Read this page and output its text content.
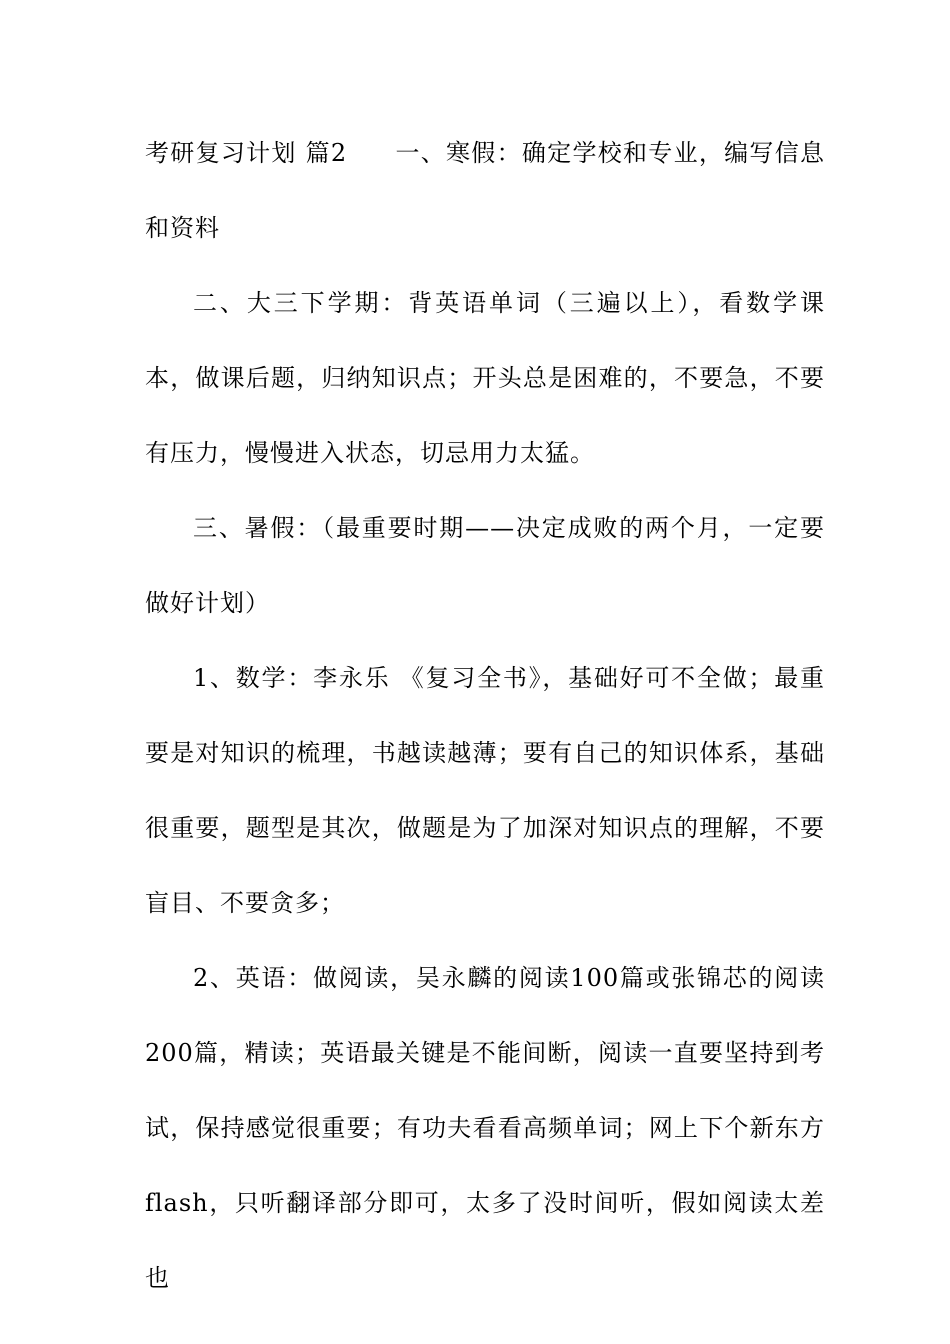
考研复习计划 篇2 一、寒假：确定学校和专业，编写信息和资料

二、大三下学期：背英语单词（三遍以上），看数学课本，做课后题，归纳知识点；开头总是困难的，不要急，不要有压力，慢慢进入状态，切忌用力太猛。

三、暑假：（最重要时期——决定成败的两个月，一定要做好计划）

1、数学：李永乐 《复习全书》，基础好可不全做；最重要是对知识的梳理，书越读越薄；要有自己的知识体系，基础很重要，题型是其次，做题是为了加深对知识点的理解，不要盲目、不要贪多；

2、英语：做阅读，吴永麟的阅读100篇或张锦芯的阅读200篇，精读；英语最关键是不能间断，阅读一直要坚持到考试，保持感觉很重要；有功夫看看高频单词；网上下个新东方flash，只听翻译部分即可，太多了没时间听，假如阅读太差也
